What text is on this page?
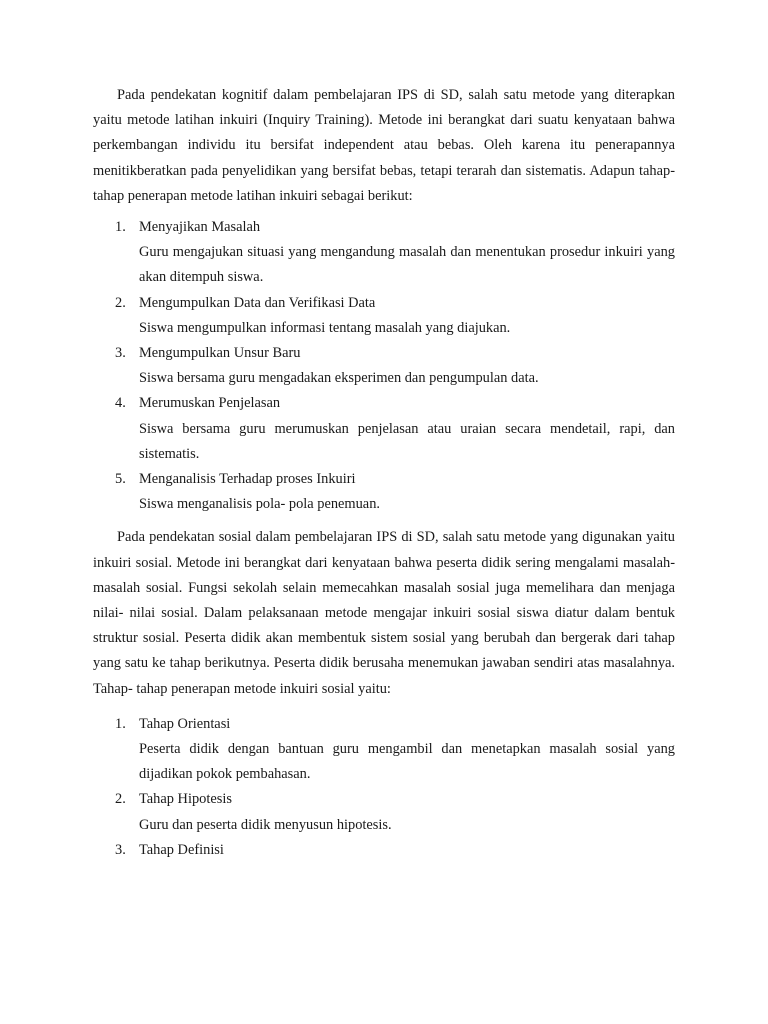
Pada pendekatan kognitif dalam pembelajaran IPS di SD, salah satu metode yang diterapkan yaitu metode latihan inkuiri (Inquiry Training). Metode ini berangkat dari suatu kenyataan bahwa perkembangan individu itu bersifat independent atau bebas. Oleh karena itu penerapannya menitikberatkan pada penyelidikan yang bersifat bebas, tetapi terarah dan sistematis. Adapun tahap- tahap penerapan metode latihan inkuiri sebagai berikut:

1. Menyajikan Masalah
Guru mengajukan situasi yang mengandung masalah dan menentukan prosedur inkuiri yang akan ditempuh siswa.
2. Mengumpulkan Data dan Verifikasi Data
Siswa mengumpulkan informasi tentang masalah yang diajukan.
3. Mengumpulkan Unsur Baru
Siswa bersama guru mengadakan eksperimen dan pengumpulan data.
4. Merumuskan Penjelasan
Siswa bersama guru merumuskan penjelasan atau uraian secara mendetail, rapi, dan sistematis.
5. Menganalisis Terhadap proses Inkuiri
Siswa menganalisis pola- pola penemuan.

Pada pendekatan sosial dalam pembelajaran IPS di SD, salah satu metode yang digunakan yaitu inkuiri sosial. Metode ini berangkat dari kenyataan bahwa peserta didik sering mengalami masalah- masalah sosial. Fungsi sekolah selain memecahkan masalah sosial juga memelihara dan menjaga nilai- nilai sosial. Dalam pelaksanaan metode mengajar inkuiri sosial siswa diatur dalam bentuk struktur sosial. Peserta didik akan membentuk sistem sosial yang berubah dan bergerak dari tahap yang satu ke tahap berikutnya. Peserta didik berusaha menemukan jawaban sendiri atas masalahnya. Tahap- tahap penerapan metode inkuiri sosial yaitu:

1. Tahap Orientasi
Peserta didik dengan bantuan guru mengambil dan menetapkan masalah sosial yang dijadikan pokok pembahasan.
2. Tahap Hipotesis
Guru dan peserta didik menyusun hipotesis.
3. Tahap Definisi
